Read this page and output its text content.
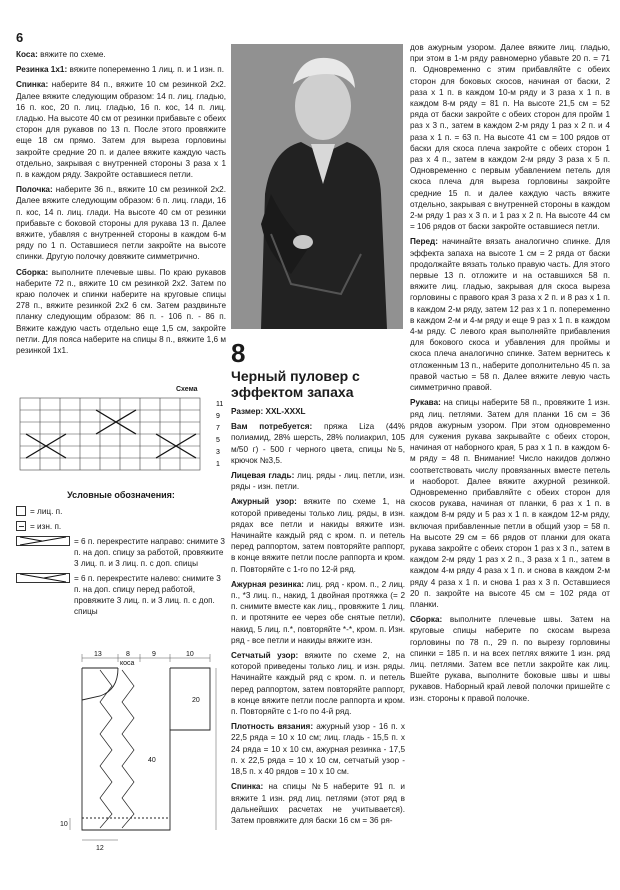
6

Коса: вяжите по схеме.

Резинка 1x1: вяжите попеременно 1 лиц. п. и 1 изн. п.

Спинка: наберите 84 п., вяжите 10 см резинкой 2x2. Далее вяжите следующим образом: 14 п. лиц. гладью, 16 п. кос, 20 п. лиц. гладью, 16 п. кос, 14 п. лиц. гладью. На высоте 40 см от резинки прибавьте с обеих сторон для рукавов по 13 п. После этого провяжите еще 18 см прямо. Затем для выреза горловины закройте средние 20 п. и далее вяжите каждую часть отдельно, закрывая с внутренней стороны 3 раза x 1 п. в каждом ряду. Закройте оставшиеся петли.

Полочка: наберите 36 п., вяжите 10 см резинкой 2x2. Далее вяжите следующим образом: 6 п. лиц. глади, 16 п. кос, 14 п. лиц. глади. На высоте 40 см от резинки прибавьте с боковой стороны для рукава 13 п. Далее вяжите, убавляя с внутренней стороны в каждом 6-м ряду по 1 п. Оставшиеся петли закройте на высоте спинки. Другую полочку довяжите симметрично.

Сборка: выполните плечевые швы. По краю рукавов наберите 72 п., вяжите 10 см резинкой 2x2. Затем по краю полочек и спинки наберите на круговые спицы 278 п., вяжите резинкой 2x2 6 см. Затем раздвиньте планку следующим образом: 86 п. - 106 п. - 86 п. Вяжите каждую часть отдельно еще 1,5 см, закройте петли. Для пояса наберите на спицы 8 п., вяжите 1,6 м резинкой 1x1.

Схема
11
9
7
5
3
1
Условные обозначения:
= лиц. п.
= изн. п.
= 6 п. перекрестите направо: снимите 3 п. на доп. спицу за работой, провяжите 3 лиц. п. и 3 лиц. п. с доп. спицы
= 6 п. перекрестите налево: снимите 3 п. на доп. спицу перед работой, провяжите 3 лиц. п. и 3 лиц. п. с доп. спицы
13	8	9	10
коса
20
40
10
12
8
Черный пуловер с эффектом запаха

Размер: XXL-XXXL

Вам потребуется: пряжа Liza (44% полиамид, 28% шерсть, 28% полиакрил, 105 м/50 г) - 500 г черного цвета, спицы №5, крючок №3,5.

Лицевая гладь: лиц. ряды - лиц. петли, изн. ряды - изн. петли.

Ажурный узор: вяжите по схеме 1, на которой приведены только лиц. ряды, в изн. рядах все петли и накиды вяжите изн. Начинайте каждый ряд с кром. п. и петель перед раппортом, затем повторяйте раппорт, в конце вяжите петли после раппорта и кром. п. Повторяйте с 1-го по 12-й ряд.

Ажурная резинка: лиц. ряд - кром. п., 2 лиц. п., *3 лиц. п., накид, 1 двойная протяжка (= 2 п. снимите вместе как лиц., провяжите 1 лиц. п. и протяните ее через обе снятые петли), накид, 5 лиц. п.*, повторяйте *-*, кром. п. Изн. ряд - все петли и накиды вяжите изн.

Сетчатый узор: вяжите по схеме 2, на которой приведены только лиц. и изн. ряды. Начинайте каждый ряд с кром. п. и петель перед раппортом, затем повторяйте раппорт, в конце вяжите петли после раппорта и кром. п. Повторяйте с 1-го по 4-й ряд.

Плотность вязания: ажурный узор - 16 п. x 22,5 ряда = 10 x 10 см; лиц. гладь - 15,5 п. x 24 ряда = 10 x 10 см, ажурная резинка - 17,5 п. x 22,5 ряда = 10 x 10 см, сетчатый узор - 18,5 п. x 40 рядов = 10 x 10 см.

Спинка: на спицы №5 наберите 91 п. и вяжите 1 изн. ряд лиц. петлями (этот ряд в дальнейших расчетах не учитывается). Затем провяжите для баски 16 см = 36 ря-

дов ажурным узором. Далее вяжите лиц. гладью, при этом в 1-м ряду равномерно убавьте 20 п. = 71 п. Одновременно с этим прибавляйте с обеих сторон для боковых скосов, начиная от баски, 2 раза x 1 п. в каждом 10-м ряду и 3 раза x 1 п. в каждом 8-м ряду = 81 п. На высоте 21,5 см = 52 ряда от баски закройте с обеих сторон для пройм 1 раз x 3 п., затем в каждом 2-м ряду 1 раз x 2 п. и 4 раза x 1 п. = 63 п. На высоте 41 см = 100 рядов от баски для скоса плеча закройте с обеих сторон 1 раз x 4 п., затем в каждом 2-м ряду 3 раза x 5 п. Одновременно с первым убавлением петель для скоса плеча для выреза горловины закройте средние 15 п. и далее каждую часть вяжите отдельно, закрывая с внутренней стороны в каждом 2-м ряду 1 раз x 3 п. и 1 раз x 2 п. На высоте 44 см = 106 рядов от баски закройте оставшиеся петли.

Перед: начинайте вязать аналогично спинке. Для эффекта запаха на высоте 1 см = 2 ряда от баски продолжайте вязать только правую часть. Для этого первые 13 п. отложите и на оставшихся 58 п. вяжите лиц. гладью, закрывая для скоса выреза горловины с правого края 3 раза x 2 п. и 8 раз x 1 п. в каждом 2-м ряду, затем 12 раз x 1 п. попеременно в каждом 2-м и 4-м ряду и еще 9 раз x 1 п. в каждом 4-м ряду. С левого края выполняйте прибавления для бокового скоса и убавления для проймы и скоса плеча аналогично спинке. Затем вернитесь к отложенным 13 п., наберите дополнительно 45 п. за правой частью = 58 п. Далее вяжите левую часть симметрично правой.

Рукава: на спицы наберите 58 п., провяжите 1 изн. ряд лиц. петлями. Затем для планки 16 см = 36 рядов ажурным узором. При этом одновременно для сужения рукава закрывайте с обеих сторон, начиная от наборного края, 5 раз x 1 п. в каждом 6-м ряду = 48 п. Внимание! Число накидов должно соответствовать числу провязанных вместе петель и наоборот. Далее вяжите ажурной резинкой. Одновременно прибавляйте с обеих сторон для скосов рукава, начиная от планки, 6 раз x 1 п. в каждом 8-м ряду и 5 раз x 1 п. в каждом 12-м ряду, включая прибавленные петли в общий узор = 58 п. На высоте 29 см = 66 рядов от планки для оката рукава закройте с обеих сторон 1 раз x 3 п., затем в каждом 2-м ряду 1 раз x 2 п., 3 раза x 1 п., затем в каждом 4-м ряду 4 раза x 1 п. и снова в каждом 2-м ряду 4 раза x 1 п. и снова 1 раз x 3 п. Оставшиеся 20 п. закройте на высоте 45 см = 102 ряда от планки.

Сборка: выполните плечевые швы. Затем на круговые спицы наберите по скосам выреза горловины по 78 п., 29 п. по вырезу горловины спинки = 185 п. и на всех петлях вяжите 1 изн. ряд лиц. петлями. Затем все петли закройте как лиц. Вшейте рукава, выполните боковые швы и швы рукавов. Наборный край левой полочки пришейте с изн. стороны к правой полочке.
